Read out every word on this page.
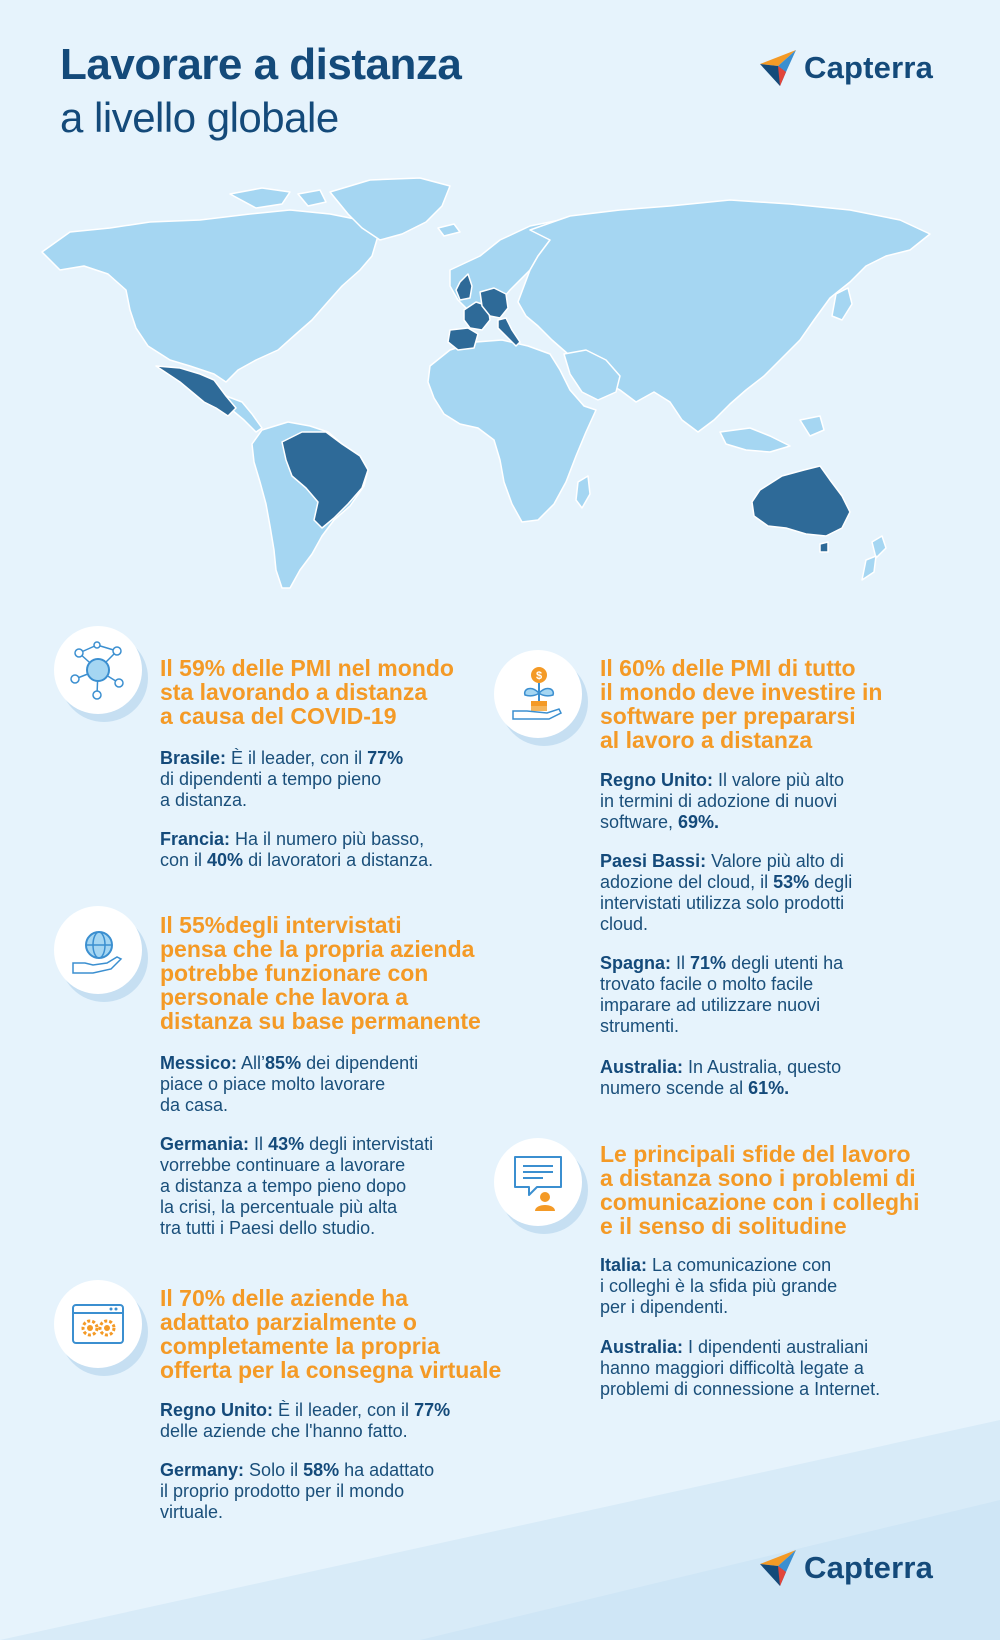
Lavorare a distanza
a livello globale
Capterra

Il 59% delle PMI nel mondo
sta lavorando a distanza
a causa del COVID-19

Brasile: È il leader, con il 77%
di dipendenti a tempo pieno
a distanza.

Francia: Ha il numero più basso,
con il 40% di lavoratori a distanza.

Il 55%degli intervistati
pensa che la propria azienda
potrebbe funzionare con
personale che lavora a
distanza su base permanente

Messico: All’85% dei dipendenti
piace o piace molto lavorare
da casa.

Germania: Il 43% degli intervistati
vorrebbe continuare a lavorare
a distanza a tempo pieno dopo
la crisi, la percentuale più alta
tra tutti i Paesi dello studio.

Il 70% delle aziende ha
adattato parzialmente o
completamente la propria
offerta per la consegna virtuale

Regno Unito: È il leader, con il 77%
delle aziende che l'hanno fatto.

Germany: Solo il 58% ha adattato
il proprio prodotto per il mondo
virtuale.

$	Il 60% delle PMI di tutto
il mondo deve investire in
software per prepararsi
al lavoro a distanza

Regno Unito: Il valore più alto
in termini di adozione di nuovi
software, 69%.

Paesi Bassi: Valore più alto di
adozione del cloud, il 53% degli
intervistati utilizza solo prodotti
cloud.

Spagna: Il 71% degli utenti ha
trovato facile o molto facile
imparare ad utilizzare nuovi
strumenti.

Australia: In Australia, questo
numero scende al 61%.

Le principali sfide del lavoro
a distanza sono i problemi di
comunicazione con i colleghi
e il senso di solitudine

Italia: La comunicazione con
i colleghi è la sfida più grande
per i dipendenti.

Australia: I dipendenti australiani
hanno maggiori difficoltà legate a
problemi di connessione a Internet.

Capterra
